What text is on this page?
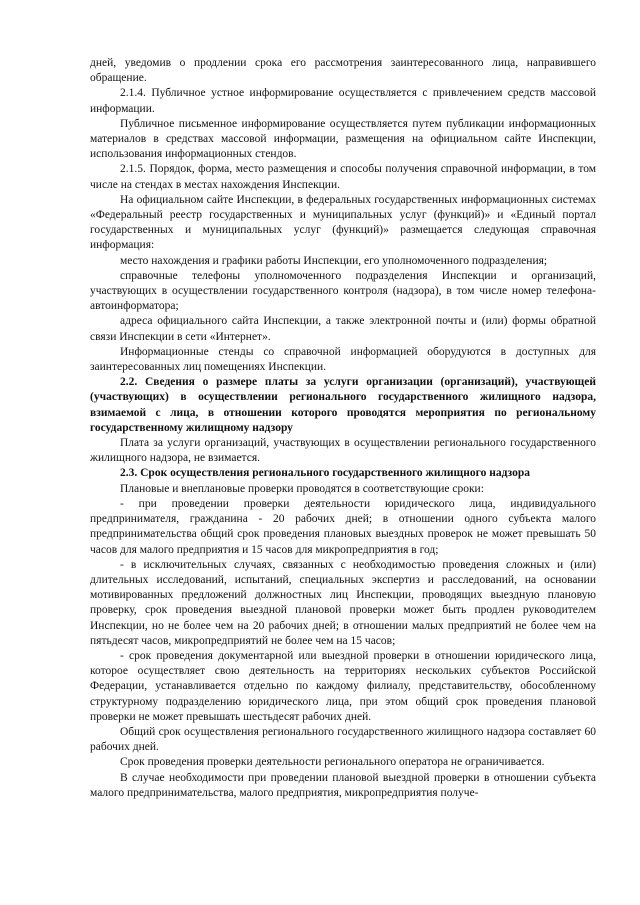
дней, уведомив о продлении срока его рассмотрения заинтересованного лица, направившего обращение.

2.1.4. Публичное устное информирование осуществляется с привлечением средств массовой информации.

Публичное письменное информирование осуществляется путем публикации информационных материалов в средствах массовой информации, размещения на официальном сайте Инспекции, использования информационных стендов.

2.1.5. Порядок, форма, место размещения и способы получения справочной информации, в том числе на стендах в местах нахождения Инспекции.

На официальном сайте Инспекции, в федеральных государственных информационных системах «Федеральный реестр государственных и муниципальных услуг (функций)» и «Единый портал государственных и муниципальных услуг (функций)» размещается следующая справочная информация:

место нахождения и графики работы Инспекции, его уполномоченного подразделения;

справочные телефоны уполномоченного подразделения Инспекции и организаций, участвующих в осуществлении государственного контроля (надзора), в том числе номер телефона-автоинформатора;

адреса официального сайта Инспекции, а также электронной почты и (или) формы обратной связи Инспекции в сети «Интернет».

Информационные стенды со справочной информацией оборудуются в доступных для заинтересованных лиц помещениях Инспекции.

2.2. Сведения о размере платы за услуги организации (организаций), участвующей (участвующих) в осуществлении регионального государственного жилищного надзора, взимаемой с лица, в отношении которого проводятся мероприятия по региональному государственному жилищному надзору

Плата за услуги организаций, участвующих в осуществлении регионального государственного жилищного надзора, не взимается.

2.3. Срок осуществления регионального государственного жилищного надзора

Плановые и внеплановые проверки проводятся в соответствующие сроки:

- при проведении проверки деятельности юридического лица, индивидуального предпринимателя, гражданина - 20 рабочих дней; в отношении одного субъекта малого предпринимательства общий срок проведения плановых выездных проверок не может превышать 50 часов для малого предприятия и 15 часов для микропредприятия в год;

- в исключительных случаях, связанных с необходимостью проведения сложных и (или) длительных исследований, испытаний, специальных экспертиз и расследований, на основании мотивированных предложений должностных лиц Инспекции, проводящих выездную плановую проверку, срок проведения выездной плановой проверки может быть продлен руководителем Инспекции, но не более чем на 20 рабочих дней; в отношении малых предприятий не более чем на пятьдесят часов, микропредприятий не более чем на 15 часов;

- срок проведения документарной или выездной проверки в отношении юридического лица, которое осуществляет свою деятельность на территориях нескольких субъектов Российской Федерации, устанавливается отдельно по каждому филиалу, представительству, обособленному структурному подразделению юридического лица, при этом общий срок проведения плановой проверки не может превышать шестьдесят рабочих дней.

Общий срок осуществления регионального государственного жилищного надзора составляет 60 рабочих дней.

Срок проведения проверки деятельности регионального оператора не ограничивается.

В случае необходимости при проведении плановой выездной проверки в отношении субъекта малого предпринимательства, малого предприятия, микропредприятия получе-
